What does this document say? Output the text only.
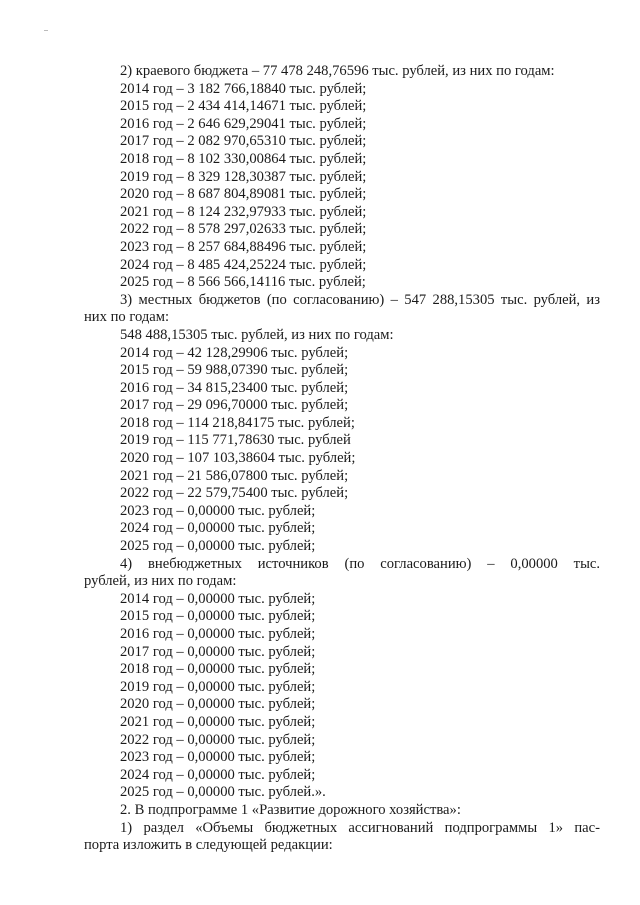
2) краевого бюджета – 77 478 248,76596 тыс. рублей, из них по годам:
2014 год – 3 182 766,18840 тыс. рублей;
2015 год – 2 434 414,14671 тыс. рублей;
2016 год – 2 646 629,29041 тыс. рублей;
2017 год – 2 082 970,65310 тыс. рублей;
2018 год – 8 102 330,00864 тыс. рублей;
2019 год – 8 329 128,30387 тыс. рублей;
2020 год – 8 687 804,89081 тыс. рублей;
2021 год – 8 124 232,97933 тыс. рублей;
2022 год – 8 578 297,02633 тыс. рублей;
2023 год – 8 257 684,88496 тыс. рублей;
2024 год – 8 485 424,25224 тыс. рублей;
2025 год – 8 566 566,14116 тыс. рублей;
3) местных бюджетов (по согласованию) – 547 288,15305 тыс. рублей, из
них по годам:
548 488,15305 тыс. рублей, из них по годам:
2014 год – 42 128,29906 тыс. рублей;
2015 год – 59 988,07390 тыс. рублей;
2016 год – 34 815,23400 тыс. рублей;
2017 год – 29 096,70000 тыс. рублей;
2018 год – 114 218,84175 тыс. рублей;
2019 год – 115 771,78630 тыс. рублей
2020 год – 107 103,38604 тыс. рублей;
2021 год – 21 586,07800 тыс. рублей;
2022 год – 22 579,75400 тыс. рублей;
2023 год – 0,00000 тыс. рублей;
2024 год – 0,00000 тыс. рублей;
2025 год – 0,00000 тыс. рублей;
4) внебюджетных источников (по согласованию) – 0,00000 тыс.
рублей, из них по годам:
2014 год – 0,00000 тыс. рублей;
2015 год – 0,00000 тыс. рублей;
2016 год – 0,00000 тыс. рублей;
2017 год – 0,00000 тыс. рублей;
2018 год – 0,00000 тыс. рублей;
2019 год – 0,00000 тыс. рублей;
2020 год – 0,00000 тыс. рублей;
2021 год – 0,00000 тыс. рублей;
2022 год – 0,00000 тыс. рублей;
2023 год – 0,00000 тыс. рублей;
2024 год – 0,00000 тыс. рублей;
2025 год – 0,00000 тыс. рублей.».
2. В подпрограмме 1 «Развитие дорожного хозяйства»:
1) раздел «Объемы бюджетных ассигнований подпрограммы 1» пас-
порта изложить в следующей редакции:
